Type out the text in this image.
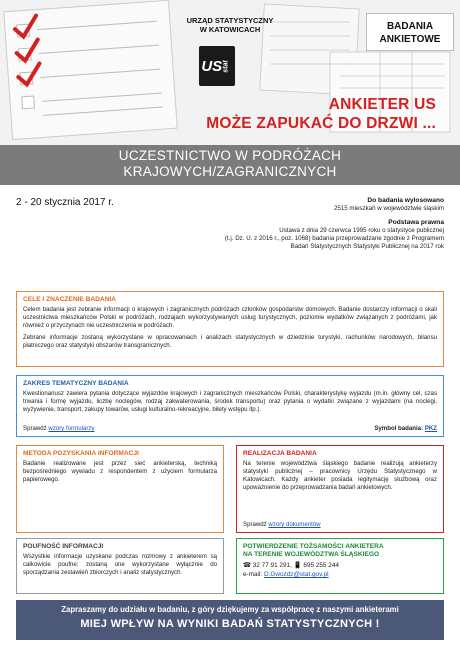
URZĄD STATYSTYCZNY W KATOWICACH
US stat
BADANIA ANKIETOWE
ANKIETER US
MOŻE ZAPUKAĆ DO DRZWI ...
UCZESTNICTWO W PODRÓŻACH
KRAJOWYCH/ZAGRANICZNYCH
2 - 20 stycznia 2017 r.	Do badania wylosowano
2515 mieszkań w województwie śląskim
Podstawa prawna
Ustawa z dnia 29 czerwca 1995 roku o statystyce publicznej
(t.j. Dz. U. z 2016 r., poz. 1068) badania przeprowadzane zgodnie z Programem
Badań Statystycznych Statystyki Publicznej na 2017 rok
CELE I ZNACZENIE BADANIA

Celem badania jest zebranie informacji o krajowych i zagranicznych podróżach członków gospodarstw domowych. Badanie dostarczy informacji o skali uczestnictwa mieszkańców Polski w podróżach, rodzajach wykorzystywanych usług turystycznych, poziomie wydatków związanych z podróżami, jak również o przyczynach nie uczestniczenia w podróżach.

Zebrane informacje zostaną wykorzystane w opracowaniach i analizach statystycznych w dziedzinie turystyki, rachunków narodowych, bilansu płatniczego oraz statystyki obszarów transgranicznych.

ZAKRES TEMATYCZNY BADANIA

Kwestionariusz zawiera pytania dotyczące wyjazdów krajowych i zagranicznych mieszkańców Polski, charakterystykę wyjazdu (m.in. główny cel, czas trwania i formę wyjazdu, liczbę noclegów, rodzaj zakwaterowania, środek transportu) oraz pytania o wydatki związane z wyjazdami (na noclegi, wyżywienie, transport, zakupy towarów, usługi kulturalno-rekreacyjne, bilety wstępu itp.).

Sprawdź wzory formularzy	Symbol badania: PKZ
METODA POZYSKANIA INFORMACJI

Badanie realizowane jest przez sieć ankieterską, techniką bezpośredniego wywiadu z respondentem z użyciem formularza papierowego.

REALIZACJA BADANIA

Na terenie województwa śląskiego badanie realizują ankieterzy statystyki publicznej – pracownicy Urzędu Statystycznego w Katowicach. Każdy ankieter posiada legitymację służbową oraz upoważnienie do przeprowadzania badań ankietowych.

Sprawdź wzory dokumentów
POUFNOŚĆ INFORMACJI

Wszystkie informacje uzyskane podczas rozmowy z ankieterem są całkowicie poufne; zostaną one wykorzystane wyłącznie do sporządzania zestawień zbiorczych i analiz statystycznych.

POTWIERDZENIE TOŻSAMOŚCI ANKIETERA
NA TERENIE WOJEWÓDZTWA ŚLĄSKIEGO
☎ 32 77 91 291, 📱 695 255 244
e-mail: D.Gwozdz@stat.gov.pl
Zapraszamy do udziału w badaniu, z góry dziękujemy za współpracę z naszymi ankieterami
MIEJ WPŁYW NA WYNIKI BADAŃ STATYSTYCZNYCH !
